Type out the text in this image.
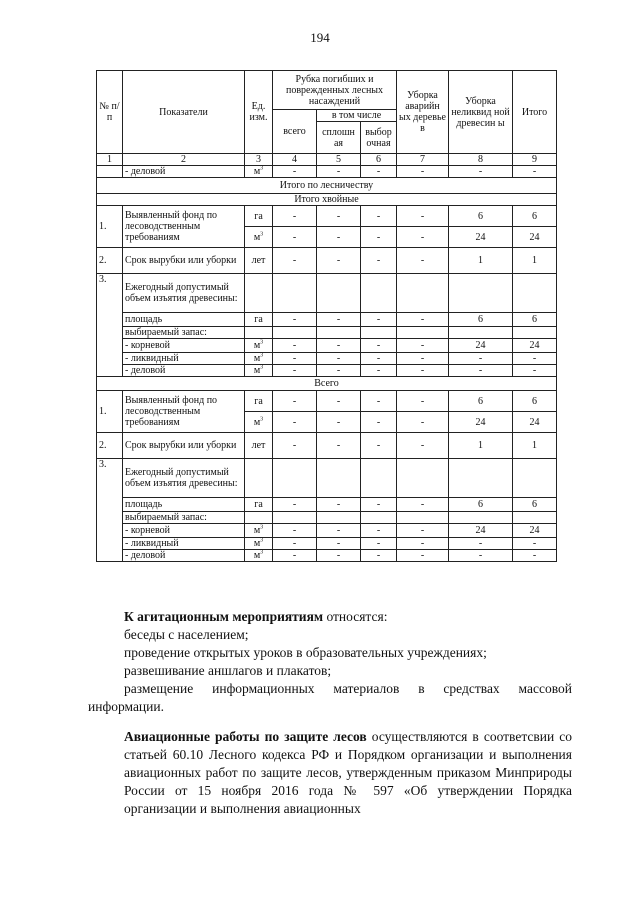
194
№ п/п	Показатели	Ед. изм.	Рубка погибших и поврежденных лесных насаждений			Уборка аварийн ых деревье в	Уборка неликвид ной древесин ы	Итого
			всего	в том числе				
				сплошн ая	выбор очная			
1	2	3	4	5	6	7	8	9
	- деловой	$м^3$	-	-	-	-	-	-
Итого по лесничеству								
Итого хвойные								
1.	Выявленный фонд по лесоводственным требованиям	га	-	-	-	-	6	6
		$м^3$	-	-	-	-	24	24
2.	Срок вырубки или уборки	лет	-	-	-	-	1	1
3.	Ежегодный допустимый объем изъятия древесины:							
	площадь	га	-	-	-	-	6	6
	выбираемый запас:							
	- корневой	$м^3$	-	-	-	-	24	24
	- ликвидный	$м^3$	-	-	-	-	-	-
	- деловой	$м^3$	-	-	-	-	-	-
Всего								
1.	Выявленный фонд по лесоводственным требованиям	га	-	-	-	-	6	6
		$м^3$	-	-	-	-	24	24
2.	Срок вырубки или уборки	лет	-	-	-	-	1	1
3.	Ежегодный допустимый объем изъятия древесины:							
	площадь	га	-	-	-	-	6	6
	выбираемый запас:							
	- корневой	$м^3$	-	-	-	-	24	24
	- ликвидный	$м^3$	-	-	-	-	-	-
	- деловой	$м^3$	-	-	-	-	-	-

К агитационным мероприятиям относятся:

беседы с населением;

проведение открытых уроков в образовательных учреждениях;

развешивание аншлагов и плакатов;

размещение информационных материалов в средствах массовой

информации.

Авиационные работы по защите лесов осуществляются в соответсвии со статьей 60.10 Лесного кодекса РФ и Порядком организации и выполнения авиационных работ по защите лесов, утвержденным приказом Минприроды России от 15 ноября 2016 года № 597 «Об утверждении Порядка организации и выполнения авиационных
